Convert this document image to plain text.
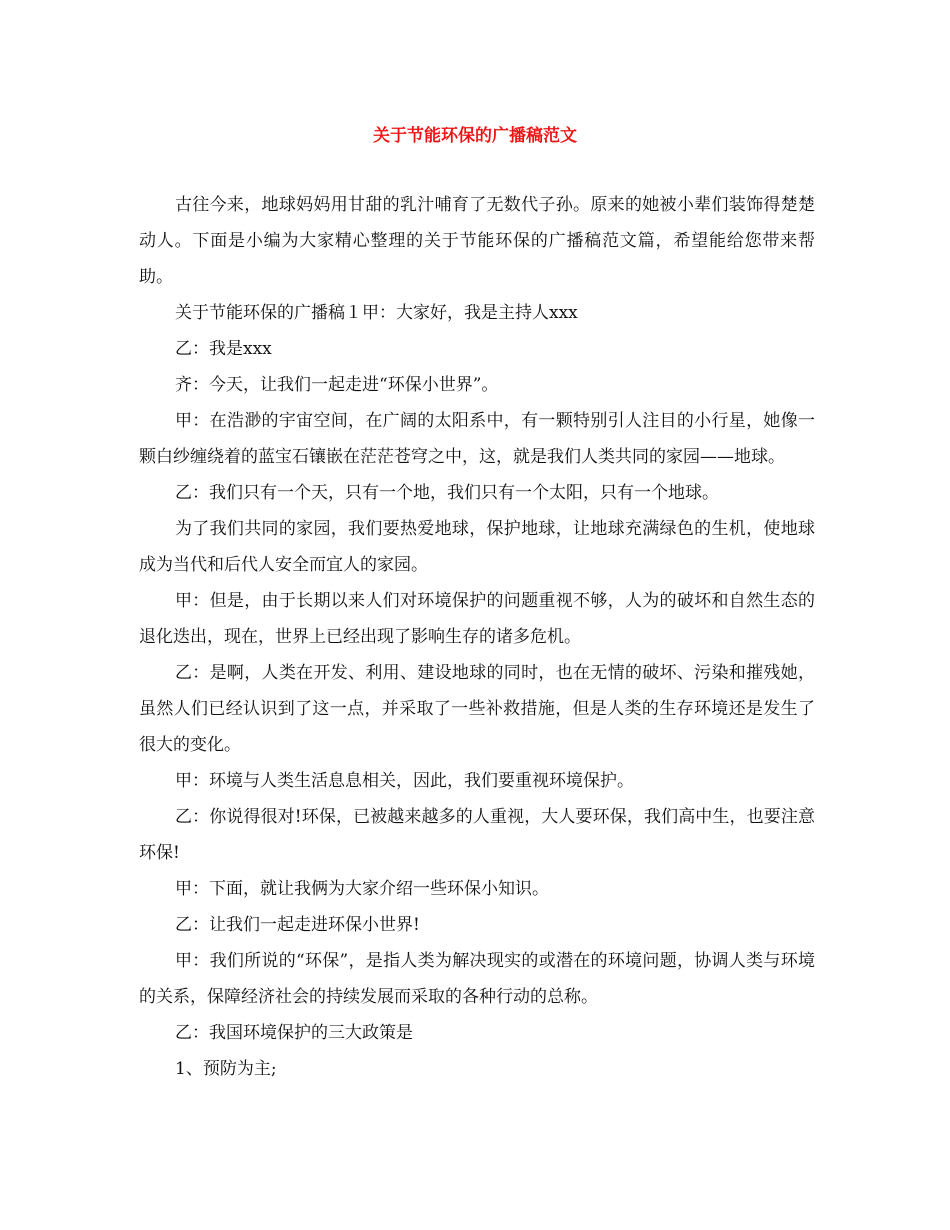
关于节能环保的广播稿范文

古往今来，地球妈妈用甘甜的乳汁哺育了无数代子孙。原来的她被小辈们装饰得楚楚动人。下面是小编为大家精心整理的关于节能环保的广播稿范文篇，希望能给您带来帮助。

关于节能环保的广播稿１甲：大家好，我是主持人xxx

乙：我是xxx

齐：今天，让我们一起走进“环保小世界”。

甲：在浩渺的宇宙空间，在广阔的太阳系中，有一颗特别引人注目的小行星，她像一颗白纱缠绕着的蓝宝石镶嵌在茫茫苍穹之中，这，就是我们人类共同的家园——地球。

乙：我们只有一个天，只有一个地，我们只有一个太阳，只有一个地球。

为了我们共同的家园，我们要热爱地球，保护地球，让地球充满绿色的生机，使地球成为当代和后代人安全而宜人的家园。

甲：但是，由于长期以来人们对环境保护的问题重视不够，人为的破坏和自然生态的退化迭出，现在，世界上已经出现了影响生存的诸多危机。

乙：是啊，人类在开发、利用、建设地球的同时，也在无情的破坏、污染和摧残她，虽然人们已经认识到了这一点，并采取了一些补救措施，但是人类的生存环境还是发生了很大的变化。

甲：环境与人类生活息息相关，因此，我们要重视环境保护。

乙：你说得很对!环保，已被越来越多的人重视，大人要环保，我们高中生，也要注意环保!

甲：下面，就让我俩为大家介绍一些环保小知识。

乙：让我们一起走进环保小世界!

甲：我们所说的“环保”，是指人类为解决现实的或潜在的环境问题，协调人类与环境的关系，保障经济社会的持续发展而采取的各种行动的总称。

乙：我国环境保护的三大政策是

1、预防为主;
